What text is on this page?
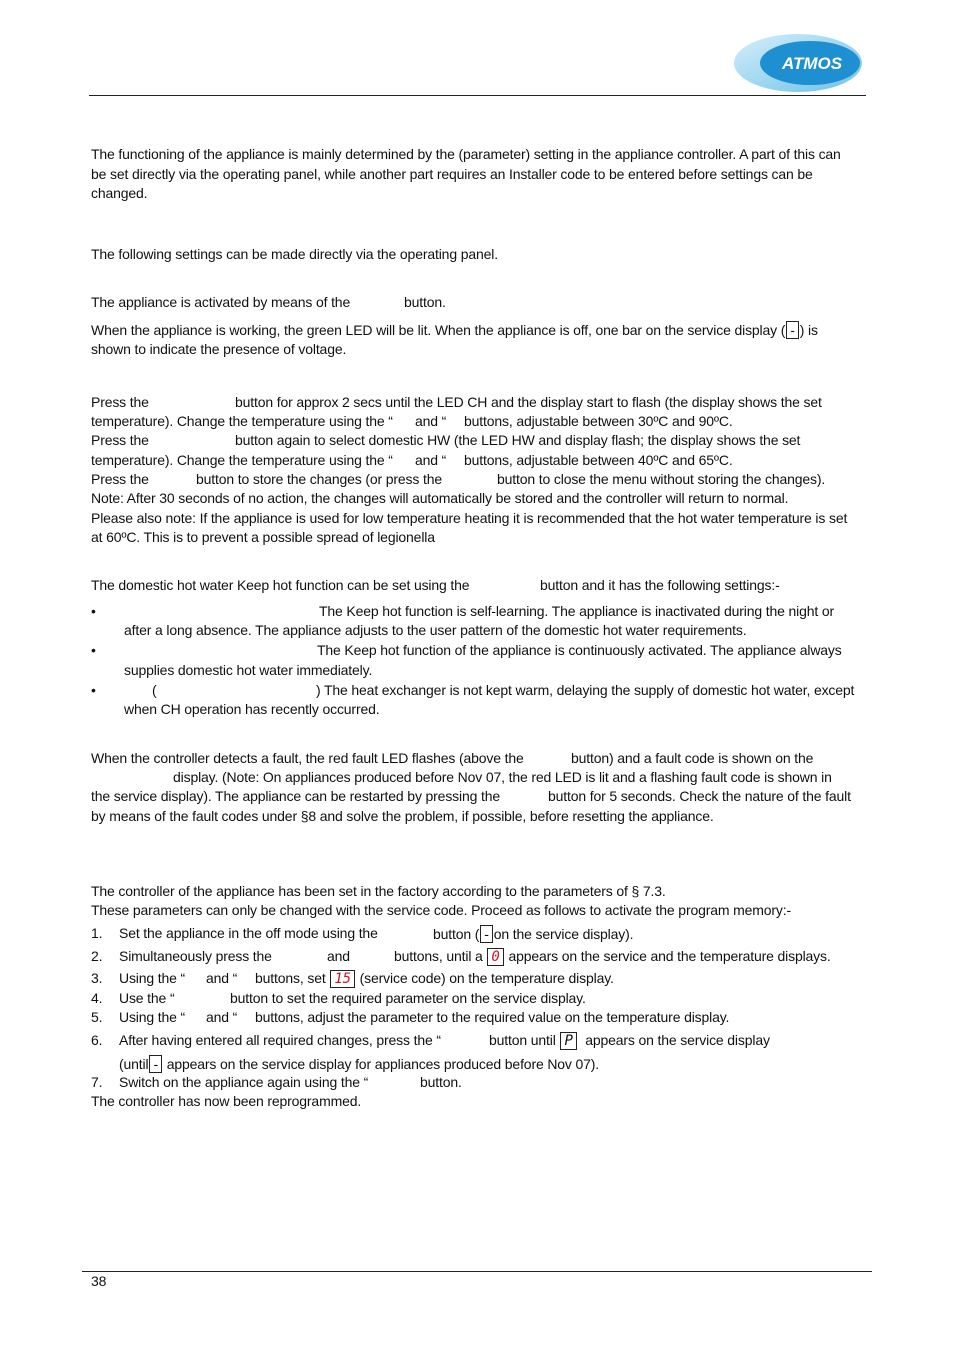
ATMOS
The functioning of the appliance is mainly determined by the (parameter) setting in the appliance controller. A part of this can
be set directly via the operating panel, while another part requires an Installer code to be entered before settings can be
changed.
The following settings can be made directly via the operating panel.
The appliance is activated by means of the	button.
When the appliance is working, the green LED will be lit. When the appliance is off, one bar on the service display ( - ) is
shown to indicate the presence of voltage.
Press the	button for approx 2 secs until the LED CH and the display start to flash (the display shows the set
temperature). Change the temperature using the “ and “ buttons, adjustable between 30ºC and 90ºC.
Press the	button again to select domestic HW (the LED HW and display flash; the display shows the set
temperature). Change the temperature using the “ and “ buttons, adjustable between 40ºC and 65ºC.
Press the	button to store the changes (or press the	button to close the menu without storing the changes).
Note: After 30 seconds of no action, the changes will automatically be stored and the controller will return to normal.
Please also note: If the appliance is used for low temperature heating it is recommended that the hot water temperature is set
at 60ºC. This is to prevent a possible spread of legionella
The domestic hot water Keep hot function can be set using the	button and it has the following settings:-
•	The Keep hot function is self-learning. The appliance is inactivated during the night or
after a long absence. The appliance adjusts to the user pattern of the domestic hot water requirements.
•	The Keep hot function of the appliance is continuously activated. The appliance always
supplies domestic hot water immediately.
•	(	) The heat exchanger is not kept warm, delaying the supply of domestic hot water, except
when CH operation has recently occurred.
When the controller detects a fault, the red fault LED flashes (above the	button) and a fault code is shown on the
display. (Note: On appliances produced before Nov 07, the red LED is lit and a flashing fault code is shown in
the service display). The appliance can be restarted by pressing the	button for 5 seconds. Check the nature of the fault
by means of the fault codes under §8 and solve the problem, if possible, before resetting the appliance.
The controller of the appliance has been set in the factory according to the parameters of § 7.3.
These parameters can only be changed with the service code. Proceed as follows to activate the program memory:-
1. Set the appliance in the off mode using the	button ( - on the service display).
2. Simultaneously press the	and	buttons, until a 0 appears on the service and the temperature displays.
3. Using the “ and “ buttons, set 15 (service code) on the temperature display.
4. Use the “	button to set the required parameter on the service display.
5. Using the “ and “ buttons, adjust the parameter to the required value on the temperature display.
6. After having entered all required changes, press the “	button until P appears on the service display
(until - appears on the service display for appliances produced before Nov 07).
7. Switch on the appliance again using the “	button.
The controller has now been reprogrammed.
38
